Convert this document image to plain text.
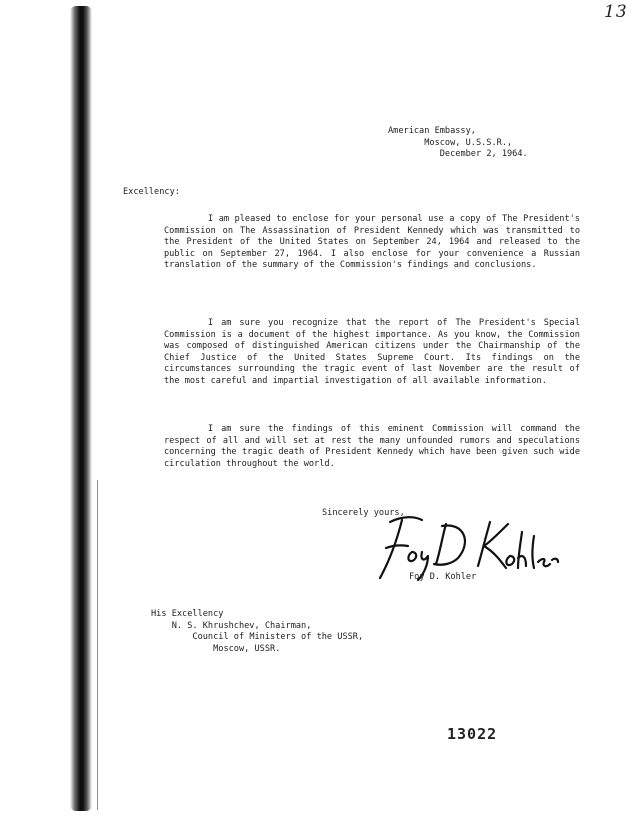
13
American Embassy,
Moscow, U.S.S.R.,
December 2, 1964.
Excellency:
I am pleased to enclose for your personal use a copy of The President's Commission on The Assassination of President Kennedy which was transmitted to the President of the United States on September 24, 1964 and released to the public on September 27, 1964. I also enclose for your convenience a Russian translation of the summary of the Commission's findings and conclusions.
I am sure you recognize that the report of The President's Special Commission is a document of the highest importance. As you know, the Commission was composed of distinguished American citizens under the Chairmanship of the Chief Justice of the United States Supreme Court. Its findings on the circumstances surrounding the tragic event of last November are the result of the most careful and impartial investigation of all available information.
I am sure the findings of this eminent Commission will command the respect of all and will set at rest the many unfounded rumors and speculations concerning the tragic death of President Kennedy which have been given such wide circulation throughout the world.
Sincerely yours,
Foy D. Kohler
His Excellency
N. S. Khrushchev, Chairman,
Council of Ministers of the USSR,
Moscow, USSR.
13022
